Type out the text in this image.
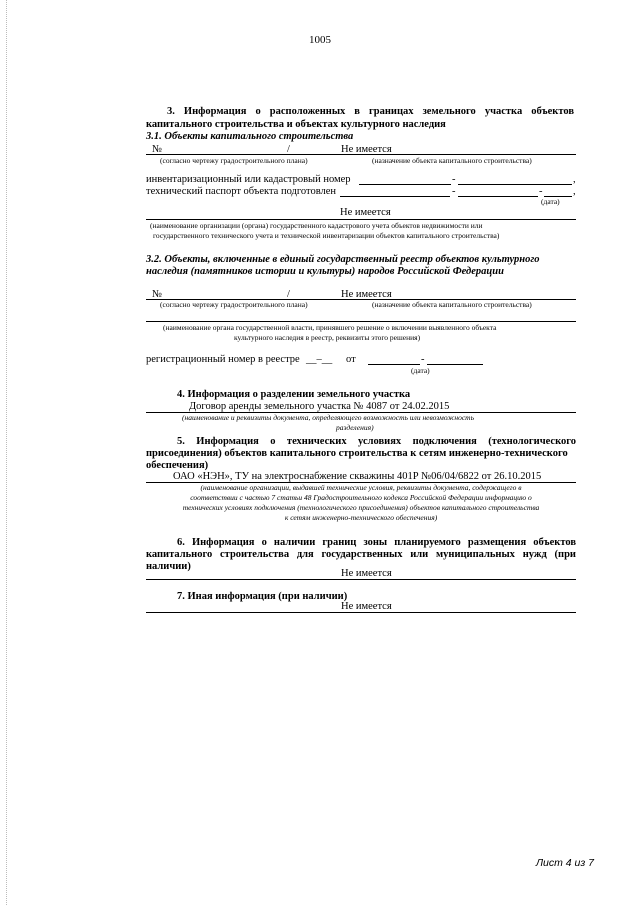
1005
3. Информация о расположенных в границах земельного участка объектов
капитального строительства и объектах культурного наследия
3.1. Объекты капитального строительства
№	/	Не имеется
(согласно чертежу градостроительного плана)	(назначение объекта капитального строительства)
инвентаризационный или кадастровый номер	-	,
технический паспорт объекта подготовлен	-	-	,
(дата)
Не имеется
(наименование организации (органа) государственного кадастрового учета объектов недвижимости или
государственного технического учета и технической инвентаризации объектов капитального строительства)
3.2. Объекты, включенные в единый государственный реестр объектов культурного
наследия (памятников истории и культуры) народов Российской Федерации
№	/	Не имеется
(согласно чертежу градостроительного плана)	(назначение объекта капитального строительства)
(наименование органа государственной власти, принявшего решение о включении выявленного объекта
культурного наследия в реестр, реквизиты этого решения)
регистрационный номер в реестре __–__ от	-
(дата)
4. Информация о разделении земельного участка
Договор аренды земельного участка № 4087 от 24.02.2015
(наименование и реквизиты документа, определяющего возможность или невозможность
разделения)
5. Информация о технических условиях подключения (технологического
присоединения) объектов капитального строительства к сетям инженерно-технического
обеспечения)
ОАО «НЭН», ТУ на электроснабжение скважины 401Р №06/04/6822 от 26.10.2015
(наименование организации, выдавшей технические условия, реквизиты документа, содержащего в
соответствии с частью 7 статьи 48 Градостроительного кодекса Российской Федерации информацию о
технических условиях подключения (технологического присоединения) объектов капитального строительства
к сетям инженерно-технического обеспечения)
6. Информация о наличии границ зоны планируемого размещения объектов
капитального строительства для государственных или муниципальных нужд (при
наличии)
Не имеется
7. Иная информация (при наличии)
Не имеется
Лист 4 из 7
